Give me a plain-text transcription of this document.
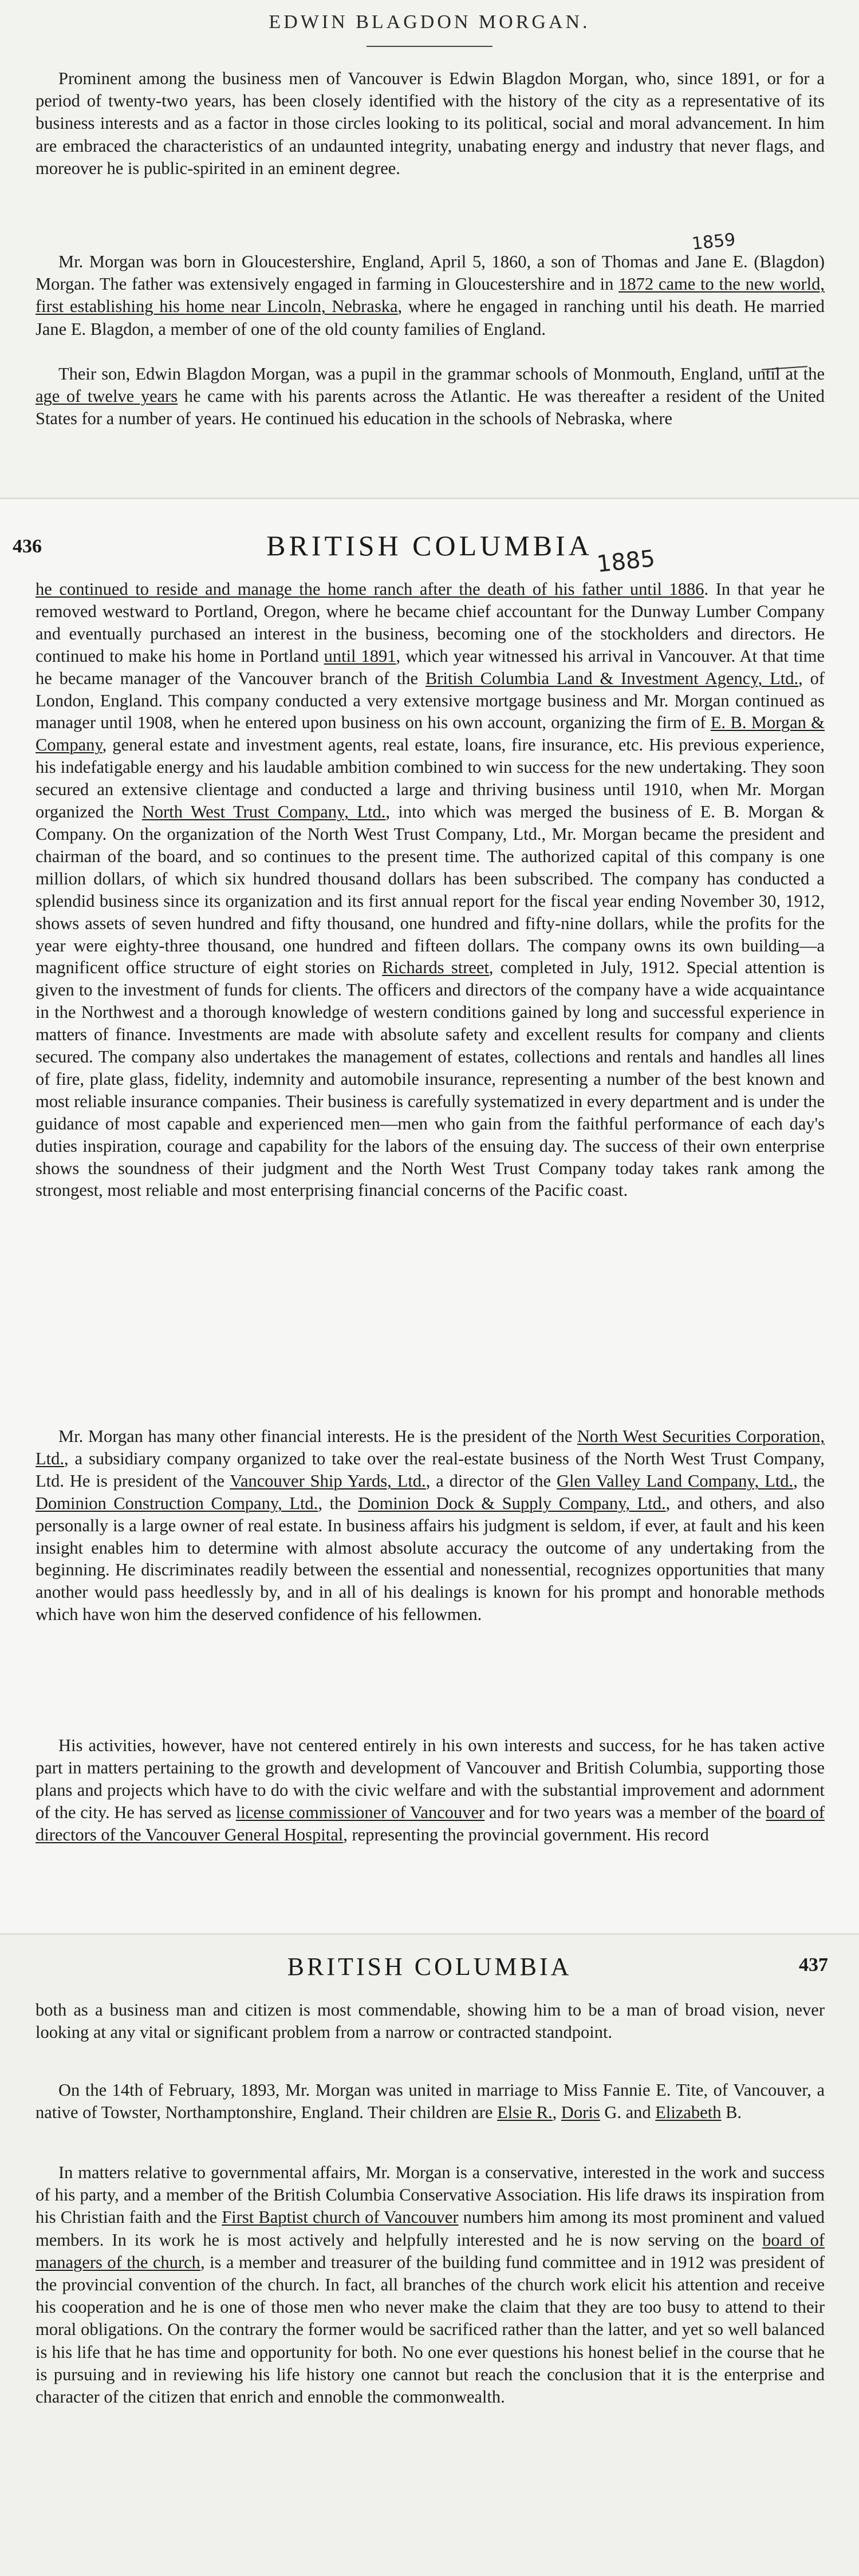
EDWIN BLAGDON MORGAN.

Prominent among the business men of Vancouver is Edwin Blagdon Morgan, who, since 1891, or for a period of twenty-two years, has been closely identified with the history of the city as a representative of its business interests and as a factor in those circles looking to its political, social and moral advancement. In him are embraced the characteristics of an undaunted integrity, unabating energy and industry that never flags, and moreover he is public-spirited in an eminent degree.

Mr. Morgan was born in Gloucestershire, England, April 5, 1860, a son of Thomas and Jane E. (Blagdon) Morgan. The father was extensively engaged in farming in Gloucestershire and in 1872 came to the new world, first establishing his home near Lincoln, Nebraska, where he engaged in ranching until his death. He married Jane E. Blagdon, a member of one of the old county families of England.

Their son, Edwin Blagdon Morgan, was a pupil in the grammar schools of Monmouth, England, until at the age of twelve years he came with his parents across the Atlantic. He was thereafter a resident of the United States for a number of years. He continued his education in the schools of Nebraska, where

1859
436	BRITISH COLUMBIA 1885

he continued to reside and manage the home ranch after the death of his father until 1886. In that year he removed westward to Portland, Oregon, where he became chief accountant for the Dunway Lumber Company and eventually purchased an interest in the business, becoming one of the stockholders and directors. He continued to make his home in Portland until 1891, which year witnessed his arrival in Vancouver. At that time he became manager of the Vancouver branch of the British Columbia Land & Investment Agency, Ltd., of London, England. This company conducted a very extensive mortgage business and Mr. Morgan continued as manager until 1908, when he entered upon business on his own account, organizing the firm of E. B. Morgan & Company, general estate and investment agents, real estate, loans, fire insurance, etc. His previous experience, his indefatigable energy and his laudable ambition combined to win success for the new undertaking. They soon secured an extensive clientage and conducted a large and thriving business until 1910, when Mr. Morgan organized the North West Trust Company, Ltd., into which was merged the business of E. B. Morgan & Company. On the organization of the North West Trust Company, Ltd., Mr. Morgan became the president and chairman of the board, and so continues to the present time. The authorized capital of this company is one million dollars, of which six hundred thousand dollars has been subscribed. The company has conducted a splendid business since its organization and its first annual report for the fiscal year ending November 30, 1912, shows assets of seven hundred and fifty thousand, one hundred and fifty-nine dollars, while the profits for the year were eighty-three thousand, one hundred and fifteen dollars. The company owns its own building—a magnificent office structure of eight stories on Richards street, completed in July, 1912. Special attention is given to the investment of funds for clients. The officers and directors of the company have a wide acquaintance in the Northwest and a thorough knowledge of western conditions gained by long and successful experience in matters of finance. Investments are made with absolute safety and excellent results for company and clients secured. The company also undertakes the management of estates, collections and rentals and handles all lines of fire, plate glass, fidelity, indemnity and automobile insurance, representing a number of the best known and most reliable insurance companies. Their business is carefully systematized in every department and is under the guidance of most capable and experienced men—men who gain from the faithful performance of each day's duties inspiration, courage and capability for the labors of the ensuing day. The success of their own enterprise shows the soundness of their judgment and the North West Trust Company today takes rank among the strongest, most reliable and most enterprising financial concerns of the Pacific coast.

Mr. Morgan has many other financial interests. He is the president of the North West Securities Corporation, Ltd., a subsidiary company organized to take over the real-estate business of the North West Trust Company, Ltd. He is president of the Vancouver Ship Yards, Ltd., a director of the Glen Valley Land Company, Ltd., the Dominion Construction Company, Ltd., the Dominion Dock & Supply Company, Ltd., and others, and also personally is a large owner of real estate. In business affairs his judgment is seldom, if ever, at fault and his keen insight enables him to determine with almost absolute accuracy the outcome of any undertaking from the beginning. He discriminates readily between the essential and nonessential, recognizes opportunities that many another would pass heedlessly by, and in all of his dealings is known for his prompt and honorable methods which have won him the deserved confidence of his fellowmen.

His activities, however, have not centered entirely in his own interests and success, for he has taken active part in matters pertaining to the growth and development of Vancouver and British Columbia, supporting those plans and projects which have to do with the civic welfare and with the substantial improvement and adornment of the city. He has served as license commissioner of Vancouver and for two years was a member of the board of directors of the Vancouver General Hospital, representing the provincial government. His record

BRITISH COLUMBIA	437

both as a business man and citizen is most commendable, showing him to be a man of broad vision, never looking at any vital or significant problem from a narrow or contracted standpoint.

On the 14th of February, 1893, Mr. Morgan was united in marriage to Miss Fannie E. Tite, of Vancouver, a native of Towster, Northamptonshire, England. Their children are Elsie R., Doris G. and Elizabeth B.

In matters relative to governmental affairs, Mr. Morgan is a conservative, interested in the work and success of his party, and a member of the British Columbia Conservative Association. His life draws its inspiration from his Christian faith and the First Baptist church of Vancouver numbers him among its most prominent and valued members. In its work he is most actively and helpfully interested and he is now serving on the board of managers of the church, is a member and treasurer of the building fund committee and in 1912 was president of the provincial convention of the church. In fact, all branches of the church work elicit his attention and receive his cooperation and he is one of those men who never make the claim that they are too busy to attend to their moral obligations. On the contrary the former would be sacrificed rather than the latter, and yet so well balanced is his life that he has time and opportunity for both. No one ever questions his honest belief in the course that he is pursuing and in reviewing his life history one cannot but reach the conclusion that it is the enterprise and character of the citizen that enrich and ennoble the commonwealth.
